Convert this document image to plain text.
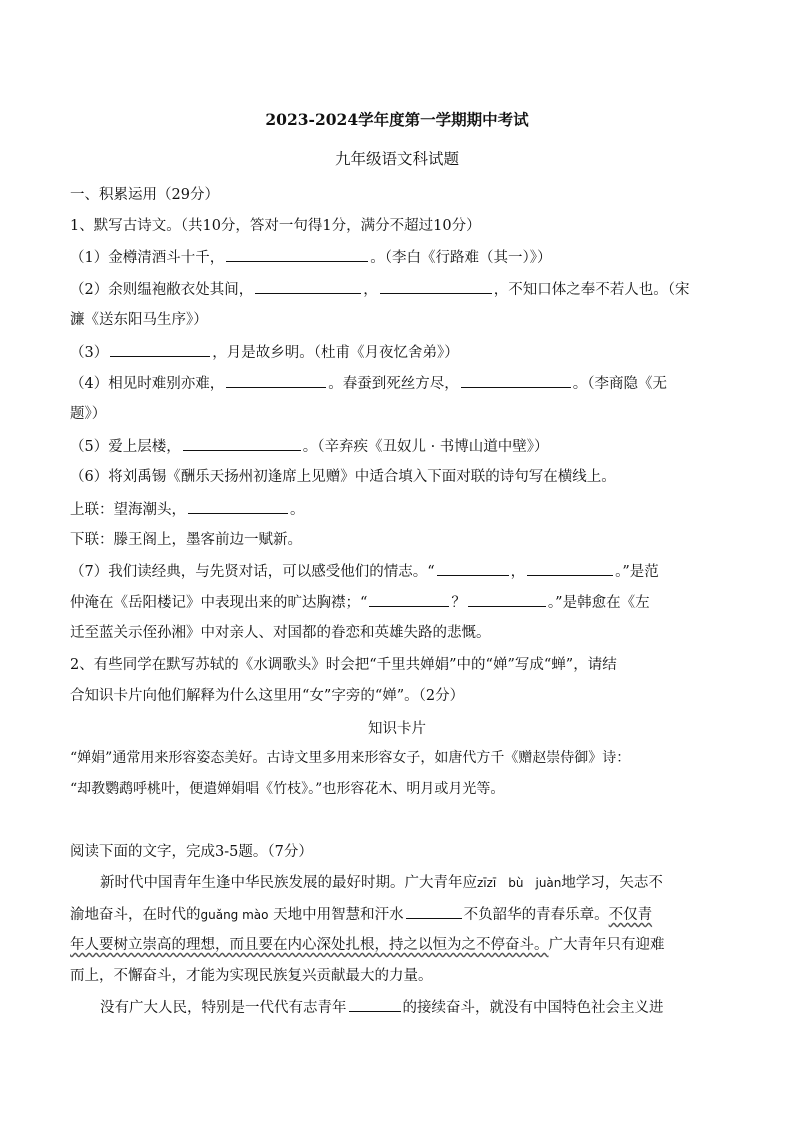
2023-2024学年度第一学期期中考试
九年级语文科试题
一、积累运用（29分）
1、默写古诗文。（共10分，答对一句得1分，满分不超过10分）
（1）金樽清酒斗十千，	。（李白《行路难（其一）》）
（2）余则缊袍敝衣处其间，	，	，不知口体之奉不若人也。（宋
濂《送东阳马生序》）
（3）	，月是故乡明。（杜甫《月夜忆舍弟》）
（4）相见时难别亦难，	。春蚕到死丝方尽，	。（李商隐《无
题》）
（5）爱上层楼，	。（辛弃疾《丑奴儿 · 书博山道中壁》）
（6）将刘禹锡《酬乐天扬州初逢席上见赠》中适合填入下面对联的诗句写在横线上。
上联：望海潮头，	。
下联：滕王阁上，墨客前边一赋新。
（7）我们读经典，与先贤对话，可以感受他们的情志。“	，	。”是范
仲淹在《岳阳楼记》中表现出来的旷达胸襟；“	？	。”是韩愈在《左
迁至蓝关示侄孙湘》中对亲人、对国都的眷恋和英雄失路的悲慨。
2、有些同学在默写苏轼的《水调歌头》时会把“千里共婵娟”中的“婵”写成“蝉”，请结
合知识卡片向他们解释为什么这里用“女”字旁的“婵”。（2分）
知识卡片
“婵娟”通常用来形容姿态美好。古诗文里多用来形容女子，如唐代方千《赠赵崇侍御》诗：
“却教鹦鹉呼桃叶，便遣婵娟唱《竹枝》。”也形容花木、明月或月光等。
阅读下面的文字，完成3-5题。（7分）
新时代中国青年生逢中华民族发展的最好时期。广大青年应zīzī　bù　juàn地学习，矢志不
渝地奋斗，在时代的guǎng mào 天地中用智慧和汗水	不负韶华的青春乐章。不仅青
年人要树立崇高的理想，而且要在内心深处扎根，持之以恒为之不停奋斗。广大青年只有迎难
而上，不懈奋斗，才能为实现民族复兴贡献最大的力量。
没有广大人民，特别是一代代有志青年	的接续奋斗，就没有中国特色社会主义进
